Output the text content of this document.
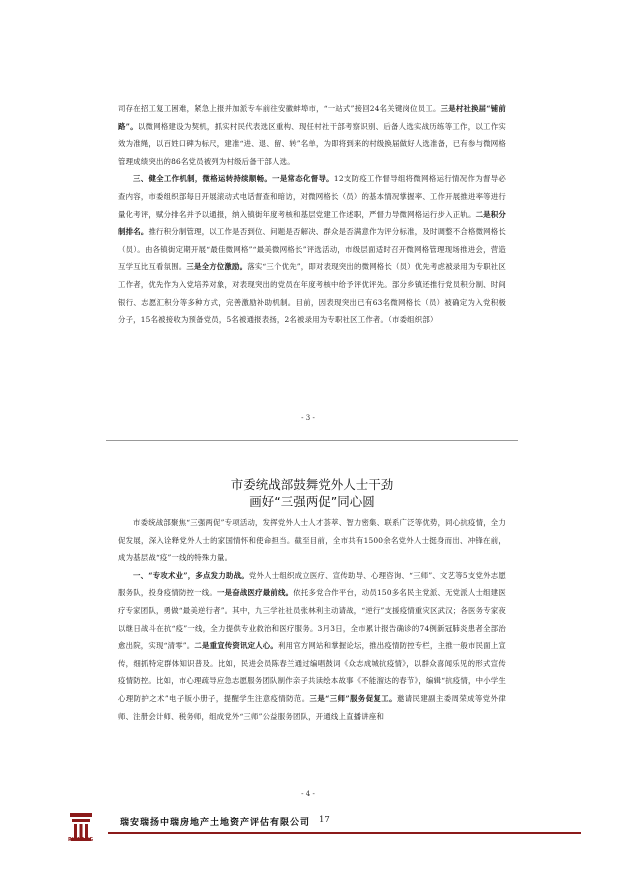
司存在招工复工困难，紧急上报并加派专车前往安徽蚌埠市，“一站式”接回24名关键岗位员工。三是村社换届“铺前路”。以微网格建设为契机，抓实村民代表选区重构、现任村社干部考察识别、后备人选实战历练等工作，以工作实效为准绳，以百姓口碑为标尺，建准“进、退、留、转”名单，为即将到来的村级换届做好人选准备，已有参与微网格管理成绩突出的86名党员被列为村级后备干部人选。

三、健全工作机制，微格运转持续顺畅。一是常态化督导。12支防疫工作督导组将微网格运行情况作为督导必查内容，市委组织部每日开展滚动式电话督查和暗访，对微网格长（员）的基本情况掌握率、工作开展推进率等进行量化考评，赋分排名并予以通报，纳入镇街年度考核和基层党建工作述职，严督力导微网格运行步入正轨。二是积分制排名。推行积分制管理，以工作是否到位、问题是否解决、群众是否满意作为评分标准，及时调整不合格微网格长（员）。由各镇街定期开展“最佳微网格”“最美微网格长”评选活动，市级层面适时召开微网格管理现场推进会，营造互学互比互看氛围。三是全方位激励。落实“三个优先”，即对表现突出的微网格长（员）优先考虑被录用为专职社区工作者，优先作为入党培养对象，对表现突出的党员在年度考核中给予评优评先。部分乡镇还推行党员积分制、时间银行、志愿汇积分等多种方式，完善激励补助机制。目前，因表现突出已有63名微网格长（员）被确定为入党积极分子，15名被接收为预备党员，5名被通报表扬，2名被录用为专职社区工作者。（市委组织部）

- 3 -
市委统战部鼓舞党外人士干劲
画好“三强两促”同心圆

市委统战部聚焦“三强两促”专项活动，发挥党外人士人才荟萃、智力密集、联系广泛等优势，同心抗疫情，全力促发展，深入诠释党外人士的家国情怀和使命担当。截至目前，全市共有1500余名党外人士挺身而出、冲锋在前，成为基层战“疫”一线的特殊力量。

一、“专攻术业”，多点发力助战。党外人士组织成立医疗、宣传助导、心理咨询、“三师”、文艺等5支党外志愿服务队，投身疫情防控一线。一是奋战医疗最前线。依托多党合作平台，动员150多名民主党派、无党派人士组建医疗专家团队，勇做“最美逆行者”。其中，九三学社社员张林利主动请战，“逆行”支援疫情重灾区武汉；各医务专家夜以继日战斗在抗“疫”一线，全力提供专业救治和医疗服务。3月3日，全市累计报告确诊的74例新冠肺炎患者全部治愈出院，实现“清零”。二是重宣传资讯定人心。利用官方网站和掌握论坛，推出疫情防控专栏，主推一般市民面上宣传，细抓特定群体知识普及。比如，民进会员陈春兰通过编唱鼓词《众志成城抗疫情》，以群众喜闻乐见的形式宣传疫情防控。比如，市心理疏导应急志愿服务团队制作亲子共读绘本故事《不能溜达的春节》，编辑“抗疫情，中小学生心理防护之术”电子版小册子，提醒学生注意疫情防范。三是“三师”服务促复工。邀请民建副主委周荣成等党外律师、注册会计师、税务师，组成党外“三师”公益服务团队，开通线上直播讲座和

- 4 -
RUIYANG
瑞安瑞扬中瑞房地产土地资产评估有限公司 17
